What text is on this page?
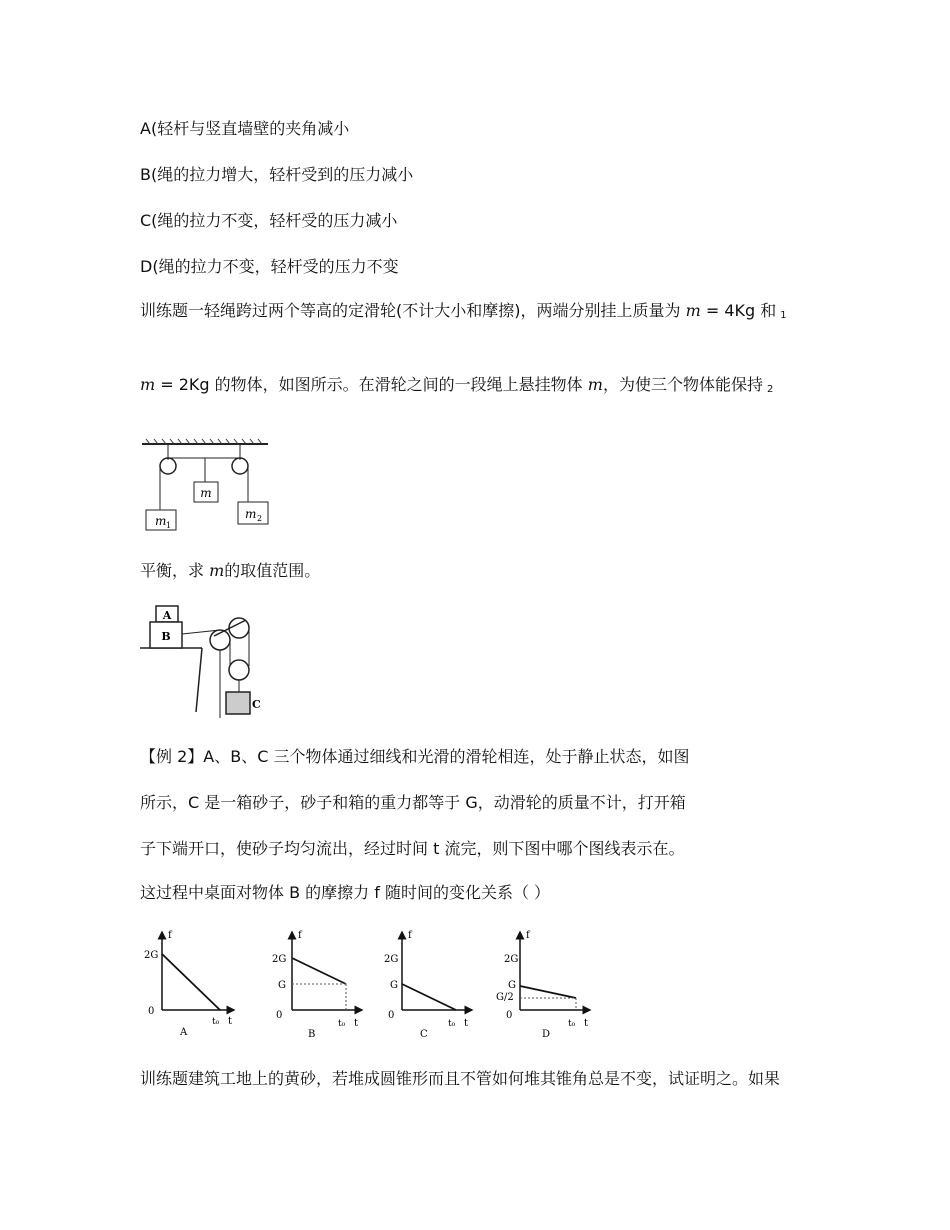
A(轻杆与竖直墙壁的夹角减小
B(绳的拉力增大，轻杆受到的压力减小
C(绳的拉力不变，轻杆受的压力减小
D(绳的拉力不变，轻杆受的压力不变
训练题一轻绳跨过两个等高的定滑轮(不计大小和摩擦)，两端分别挂上质量为 m = 4Kg 和 $_1$
m = 2Kg 的物体，如图所示。在滑轮之间的一段绳上悬挂物体 m，为使三个物体能保持 $_2$
m
m 1
m 2
平衡，求 m的取值范围。
A
B
C
【例 2】A、B、C 三个物体通过细线和光滑的滑轮相连，处于静止状态，如图
所示，C 是一箱砂子，砂子和箱的重力都等于 G，动滑轮的质量不计，打开箱
子下端开口，使砂子均匀流出，经过时间 t 流完，则下图中哪个图线表示在。
这过程中桌面对物体 B 的摩擦力 f 随时间的变化关系（ ）
f
2G
0
t₀ t
A
f
2G
G
0
t₀ t
B
f
2G
G
0
t₀ t
C
f
2G
G
G/2
0
t₀ t
D
训练题建筑工地上的黄砂，若堆成圆锥形而且不管如何堆其锥角总是不变，试证明之。如果
